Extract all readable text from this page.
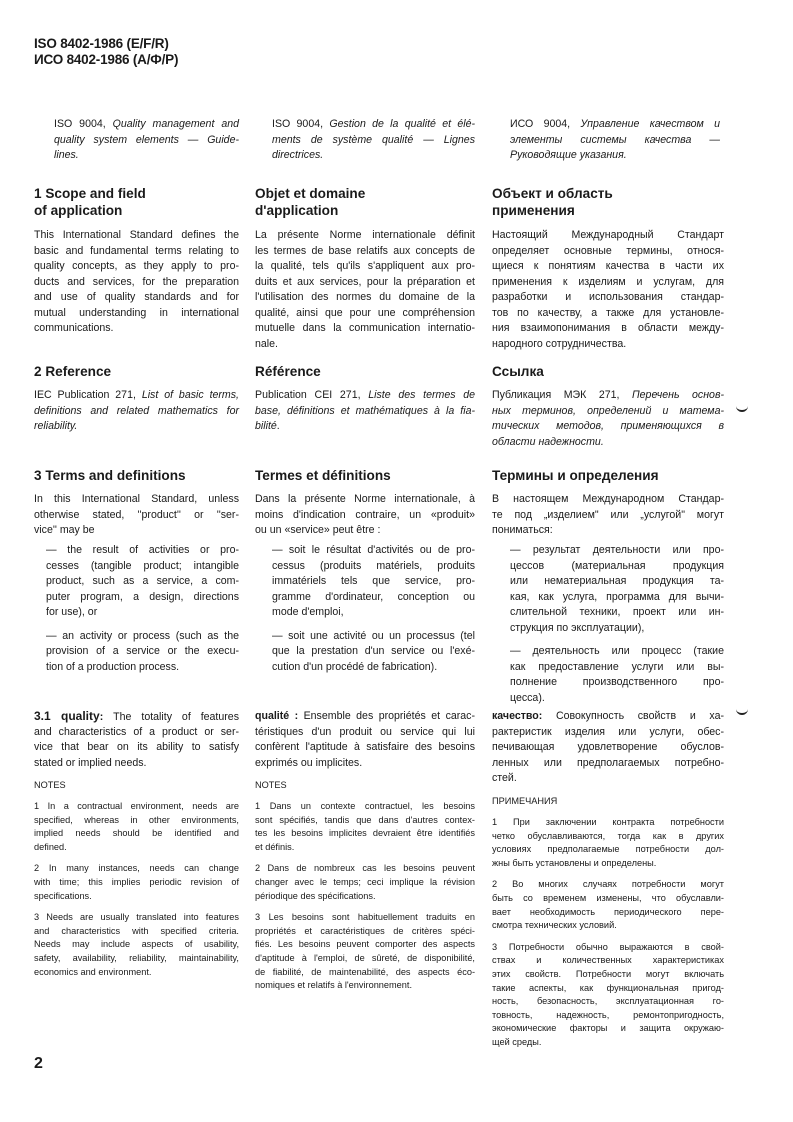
ISO 8402-1986 (E/F/R)
ИСО 8402-1986 (А/Ф/Р)
ISO 9004, Quality management and
quality system elements — Guide-
lines.
1 Scope and field
of application
This International Standard defines the
basic and fundamental terms relating to
quality concepts, as they apply to pro-
ducts and services, for the preparation
and use of quality standards and for
mutual understanding in international
communications.
2 Reference
IEC Publication 271, List of basic terms,
definitions and related mathematics for
reliability.
3 Terms and definitions
In this International Standard, unless
otherwise stated, ''product'' or ''ser-
vice'' may be
— the result of activities or pro-
cesses (tangible product; intangible
product, such as a service, a com-
puter program, a design, directions
for use), or
— an activity or process (such as the
provision of a service or the execu-
tion of a production process.
3.1 quality: The totality of features
and characteristics of a product or ser-
vice that bear on its ability to satisfy
stated or implied needs.
NOTES
1 In a contractual environment, needs are
specified, whereas in other environments,
implied needs should be identified and
defined.
2 In many instances, needs can change
with time; this implies periodic revision of
specifications.
3 Needs are usually translated into features
and characteristics with specified criteria.
Needs may include aspects of usability,
safety, availability, reliability, maintainability,
economics and environment.
ISO 9004, Gestion de la qualité et élé-
ments de système qualité — Lignes
directrices.
Objet et domaine
d'application
La présente Norme internationale définit
les termes de base relatifs aux concepts de
la qualité, tels qu'ils s'appliquent aux pro-
duits et aux services, pour la préparation et
l'utilisation des normes du domaine de la
qualité, ainsi que pour une compréhension
mutuelle dans la communication internatio-
nale.
Référence
Publication CEI 271, Liste des termes de
base, définitions et mathématiques à la fia-
bilité.
Termes et définitions
Dans la présente Norme internationale, à
moins d'indication contraire, un «produit»
ou un «service» peut être :
— soit le résultat d'activités ou de pro-
cessus (produits matériels, produits
immatériels tels que service, pro-
gramme d'ordinateur, conception ou
mode d'emploi,
— soit une activité ou un processus (tel
que la prestation d'un service ou l'exé-
cution d'un procédé de fabrication).
qualité : Ensemble des propriétés et carac-
téristiques d'un produit ou service qui lui
confèrent l'aptitude à satisfaire des besoins
exprimés ou implicites.
NOTES
1 Dans un contexte contractuel, les besoins
sont spécifiés, tandis que dans d'autres contex-
tes les besoins implicites devraient être identifiés
et définis.
2 Dans de nombreux cas les besoins peuvent
changer avec le temps; ceci implique la révision
périodique des spécifications.
3 Les besoins sont habituellement traduits en
propriétés et caractéristiques de critères spéci-
fiés. Les besoins peuvent comporter des aspects
d'aptitude à l'emploi, de sûreté, de disponibilité,
de fiabilité, de maintenabilité, des aspects éco-
nomiques et relatifs à l'environnement.
ИСО 9004, Управление качеством и
элементы системы качества —
Руководящие указания.
Объект и область
применения
Настоящий Международный Стандарт
определяет основные термины, относя-
щиеся к понятиям качества в части их
применения к изделиям и услугам, для
разработки и использования стандар-
тов по качеству, а также для установле-
ния взаимопонимания в области между-
народного сотрудничества.
Ссылка
Публикация МЭК 271, Перечень основ-
ных терминов, определений и матема-
тических методов, применяющихся в
области надежности.
Термины и определения
В настоящем Международном Стандар-
те под „изделием" или „услугой" могут
пониматься:
— результат деятельности или про-
цессов (материальная продукция
или нематериальная продукция та-
кая, как услуга, программа для вычи-
слительной техники, проект или ин-
струкция по эксплуатации),
— деятельность или процесс (такие
как предоставление услуги или вы-
полнение производственного про-
цесса).
качество: Совокупность свойств и ха-
рактеристик изделия или услуги, обес-
печивающая удовлетворение обуслов-
ленных или предполагаемых потребно-
стей.
ПРИМЕЧАНИЯ
1 При заключении контракта потребности
четко обуславливаются, тогда как в других
условиях предполагаемые потребности дол-
жны быть установлены и определены.
2 Во многих случаях потребности могут
быть со временем изменены, что обуславли-
вает необходимость периодического пере-
смотра технических условий.
3 Потребности обычно выражаются в свой-
ствах и количественных характеристиках
этих свойств. Потребности могут включать
такие аспекты, как функциональная пригод-
ность, безопасность, эксплуатационная го-
товность, надежность, ремонтопригодность,
экономические факторы и защита окружаю-
щей среды.
2
